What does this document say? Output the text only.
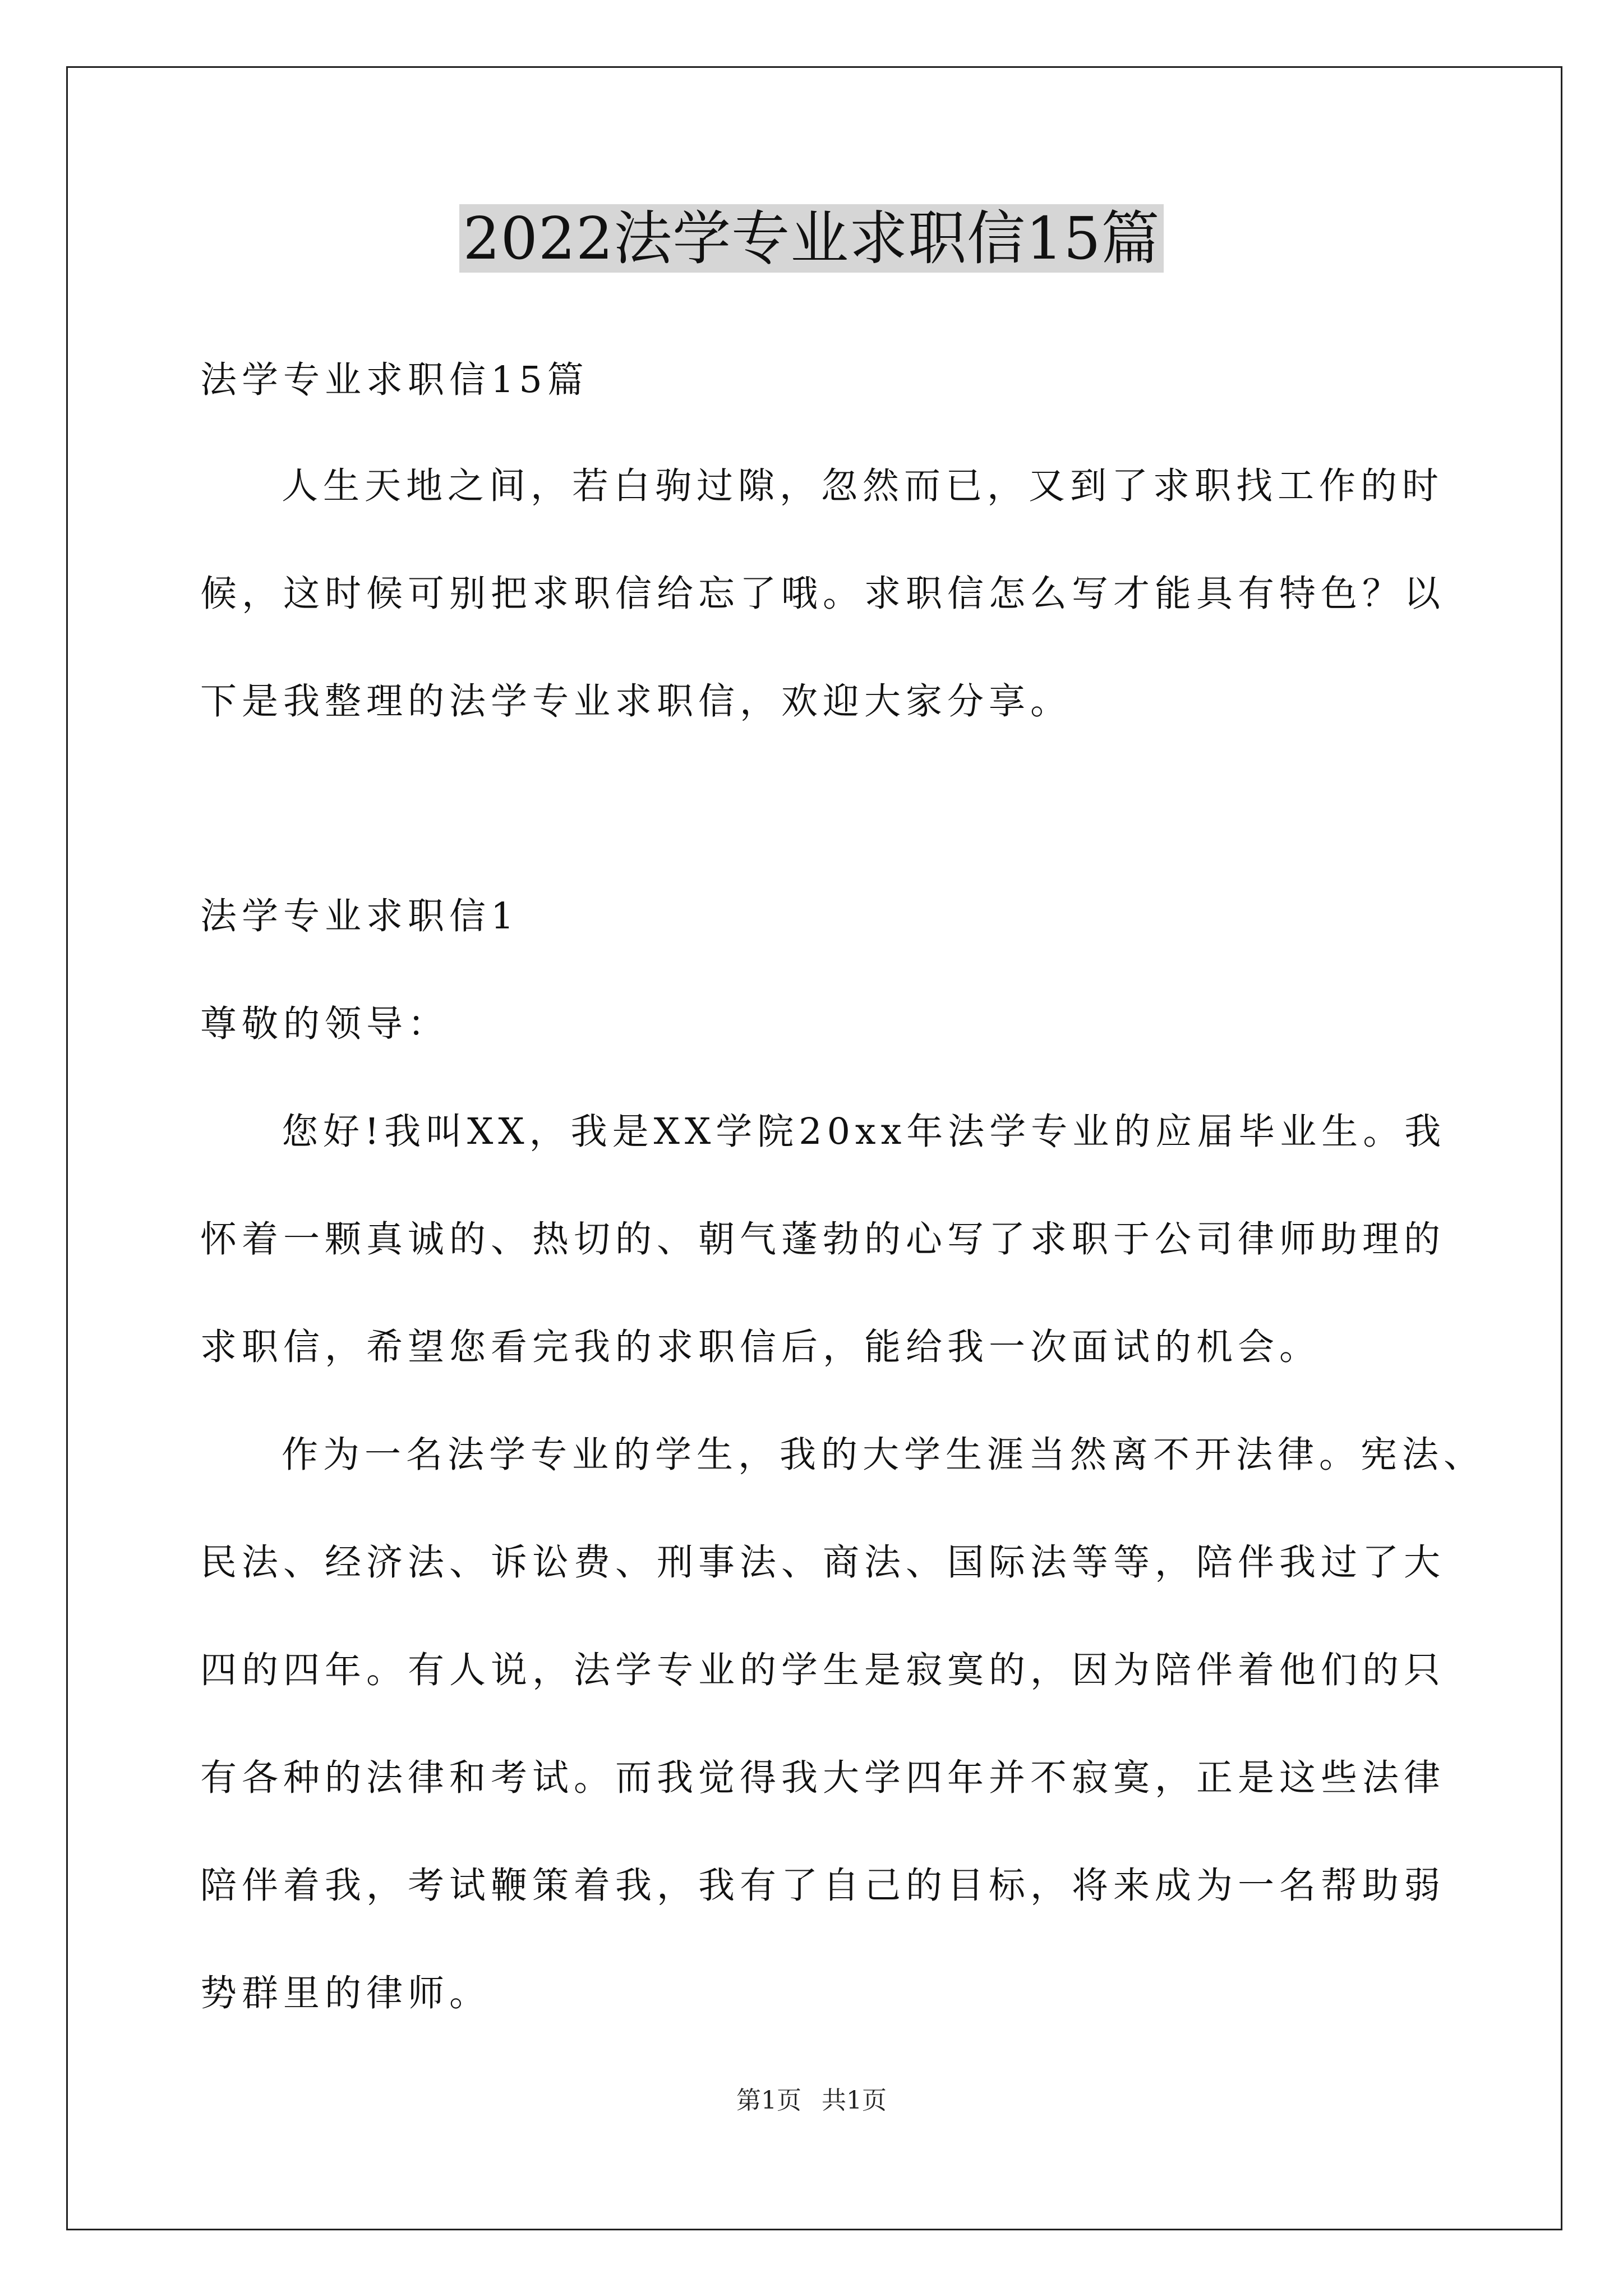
2022法学专业求职信15篇
法学专业求职信15篇
人生天地之间，若白驹过隙，忽然而已，又到了求职找工作的时
候，这时候可别把求职信给忘了哦。求职信怎么写才能具有特色？以
下是我整理的法学专业求职信，欢迎大家分享。
法学专业求职信1
尊敬的领导：
您好!我叫XX，我是XX学院20xx年法学专业的应届毕业生。我
怀着一颗真诚的、热切的、朝气蓬勃的心写了求职于公司律师助理的
求职信，希望您看完我的求职信后，能给我一次面试的机会。
作为一名法学专业的学生，我的大学生涯当然离不开法律。宪法、
民法、经济法、诉讼费、刑事法、商法、国际法等等，陪伴我过了大
四的四年。有人说，法学专业的学生是寂寞的，因为陪伴着他们的只
有各种的法律和考试。而我觉得我大学四年并不寂寞，正是这些法律
陪伴着我，考试鞭策着我，我有了自己的目标，将来成为一名帮助弱
势群里的律师。
第1页 共1页
